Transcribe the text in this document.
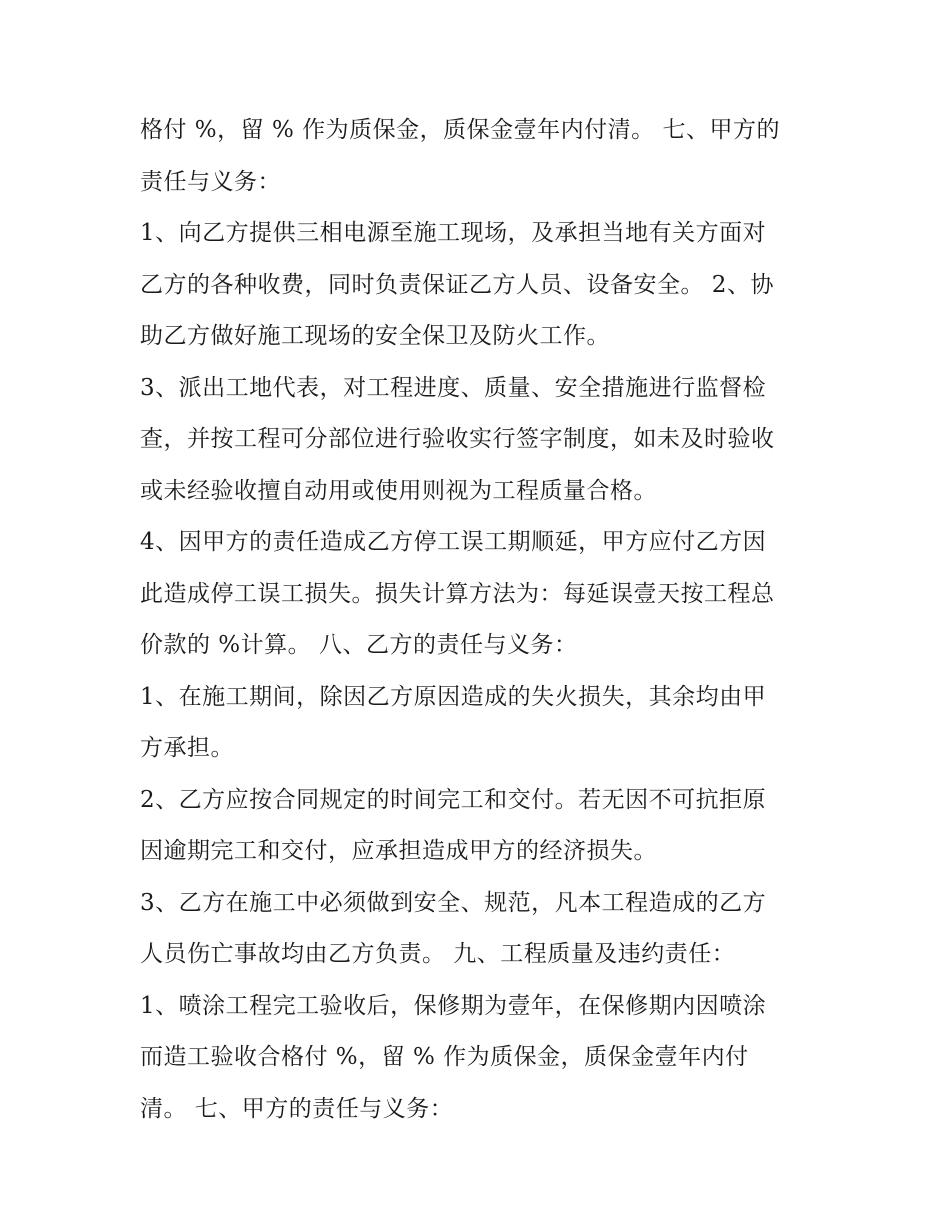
格付 %，留 % 作为质保金，质保金壹年内付清。 七、甲方的

责任与义务：

1、向乙方提供三相电源至施工现场，及承担当地有关方面对

乙方的各种收费，同时负责保证乙方人员、设备安全。 2、协

助乙方做好施工现场的安全保卫及防火工作。

3、派出工地代表，对工程进度、质量、安全措施进行监督检

查，并按工程可分部位进行验收实行签字制度，如未及时验收

或未经验收擅自动用或使用则视为工程质量合格。

4、因甲方的责任造成乙方停工误工期顺延，甲方应付乙方因

此造成停工误工损失。损失计算方法为：每延误壹天按工程总

价款的 %计算。 八、乙方的责任与义务：

1、在施工期间，除因乙方原因造成的失火损失，其余均由甲

方承担。

2、乙方应按合同规定的时间完工和交付。若无因不可抗拒原

因逾期完工和交付，应承担造成甲方的经济损失。

3、乙方在施工中必须做到安全、规范，凡本工程造成的乙方

人员伤亡事故均由乙方负责。 九、工程质量及违约责任：

1、喷涂工程完工验收后，保修期为壹年，在保修期内因喷涂

而造工验收合格付 %，留 % 作为质保金，质保金壹年内付

清。 七、甲方的责任与义务：
